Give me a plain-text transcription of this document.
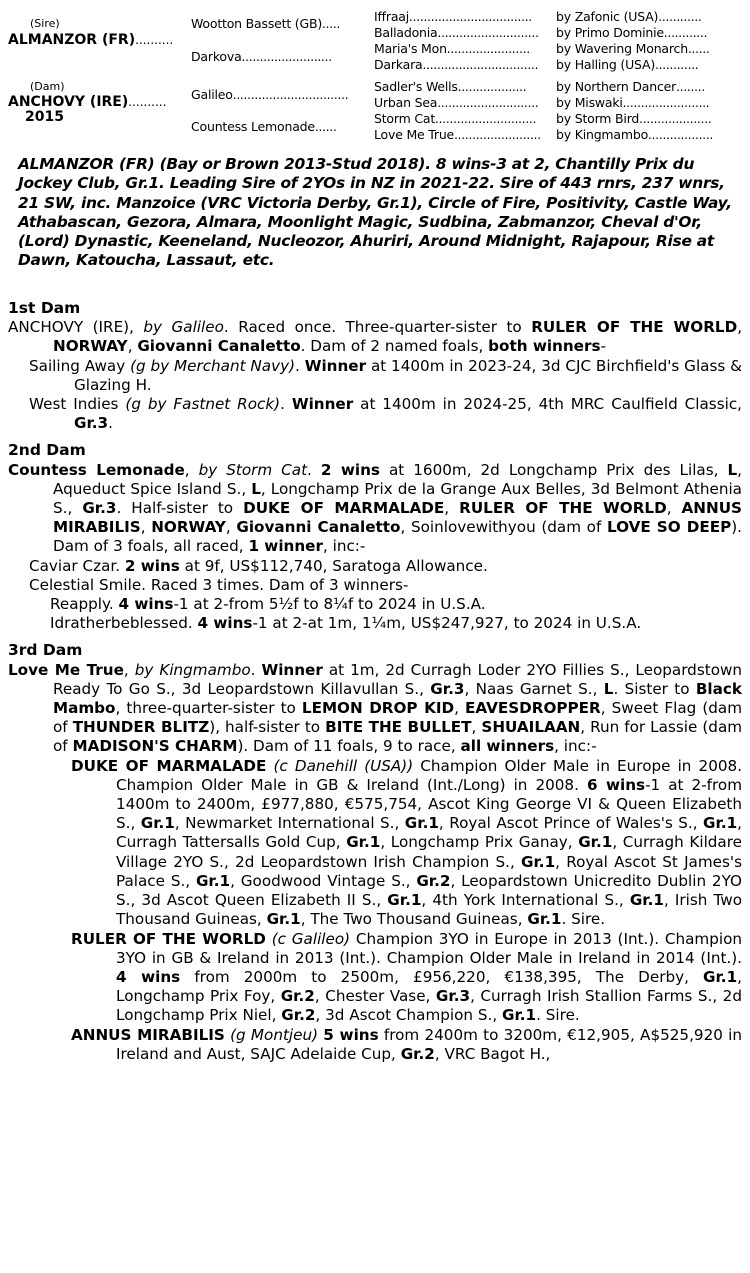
(Sire)
ALMANZOR (FR)..........
(Dam)
ANCHOVY (IRE)..........
2015
Wootton Bassett (GB).....
Darkova.........................
Galileo................................
Countess Lemonade......
Iffraaj..................................
Balladonia............................
Maria's Mon.......................
Darkara................................
Sadler's Wells...................
Urban Sea............................
Storm Cat............................
Love Me True........................
by Zafonic (USA)............
by Primo Dominie............
by Wavering Monarch......
by Halling (USA)............
by Northern Dancer........
by Miswaki........................
by Storm Bird....................
by Kingmambo..................

ALMANZOR (FR) (Bay or Brown 2013-Stud 2018). 8 wins-3 at 2, Chantilly Prix du Jockey Club, Gr.1. Leading Sire of 2YOs in NZ in 2021-22. Sire of 443 rnrs, 237 wnrs, 21 SW, inc. Manzoice (VRC Victoria Derby, Gr.1), Circle of Fire, Positivity, Castle Way, Athabascan, Gezora, Almara, Moonlight Magic, Sudbina, Zabmanzor, Cheval d'Or, (Lord) Dynastic, Keeneland, Nucleozor, Ahuriri, Around Midnight, Rajapour, Rise at Dawn, Katoucha, Lassaut, etc.

1st Dam

ANCHOVY (IRE), by Galileo. Raced once. Three-quarter-sister to RULER OF THE WORLD, NORWAY, Giovanni Canaletto. Dam of 2 named foals, both winners-

Sailing Away (g by Merchant Navy). Winner at 1400m in 2023-24, 3d CJC Birchfield's Glass & Glazing H.

West Indies (g by Fastnet Rock). Winner at 1400m in 2024-25, 4th MRC Caulfield Classic, Gr.3.

2nd Dam

Countess Lemonade, by Storm Cat. 2 wins at 1600m, 2d Longchamp Prix des Lilas, L, Aqueduct Spice Island S., L, Longchamp Prix de la Grange Aux Belles, 3d Belmont Athenia S., Gr.3. Half-sister to DUKE OF MARMALADE, RULER OF THE WORLD, ANNUS MIRABILIS, NORWAY, Giovanni Canaletto, Soinlovewithyou (dam of LOVE SO DEEP). Dam of 3 foals, all raced, 1 winner, inc:-

Caviar Czar. 2 wins at 9f, US$112,740, Saratoga Allowance.

Celestial Smile. Raced 3 times. Dam of 3 winners-

Reapply. 4 wins-1 at 2-from 5½f to 8¼f to 2024 in U.S.A.

Idratherbeblessed. 4 wins-1 at 2-at 1m, 1¼m, US$247,927, to 2024 in U.S.A.

3rd Dam

Love Me True, by Kingmambo. Winner at 1m, 2d Curragh Loder 2YO Fillies S., Leopardstown Ready To Go S., 3d Leopardstown Killavullan S., Gr.3, Naas Garnet S., L. Sister to Black Mambo, three-quarter-sister to LEMON DROP KID, EAVESDROPPER, Sweet Flag (dam of THUNDER BLITZ), half-sister to BITE THE BULLET, SHUAILAAN, Run for Lassie (dam of MADISON'S CHARM). Dam of 11 foals, 9 to race, all winners, inc:-

DUKE OF MARMALADE (c Danehill (USA)) Champion Older Male in Europe in 2008. Champion Older Male in GB & Ireland (Int./Long) in 2008. 6 wins-1 at 2-from 1400m to 2400m, £977,880, €575,754, Ascot King George VI & Queen Elizabeth S., Gr.1, Newmarket International S., Gr.1, Royal Ascot Prince of Wales's S., Gr.1, Curragh Tattersalls Gold Cup, Gr.1, Longchamp Prix Ganay, Gr.1, Curragh Kildare Village 2YO S., 2d Leopardstown Irish Champion S., Gr.1, Royal Ascot St James's Palace S., Gr.1, Goodwood Vintage S., Gr.2, Leopardstown Unicredito Dublin 2YO S., 3d Ascot Queen Elizabeth II S., Gr.1, 4th York International S., Gr.1, Irish Two Thousand Guineas, Gr.1, The Two Thousand Guineas, Gr.1. Sire.

RULER OF THE WORLD (c Galileo) Champion 3YO in Europe in 2013 (Int.). Champion 3YO in GB & Ireland in 2013 (Int.). Champion Older Male in Ireland in 2014 (Int.). 4 wins from 2000m to 2500m, £956,220, €138,395, The Derby, Gr.1, Longchamp Prix Foy, Gr.2, Chester Vase, Gr.3, Curragh Irish Stallion Farms S., 2d Longchamp Prix Niel, Gr.2, 3d Ascot Champion S., Gr.1. Sire.

ANNUS MIRABILIS (g Montjeu) 5 wins from 2400m to 3200m, €12,905, A$525,920 in Ireland and Aust, SAJC Adelaide Cup, Gr.2, VRC Bagot H.,
